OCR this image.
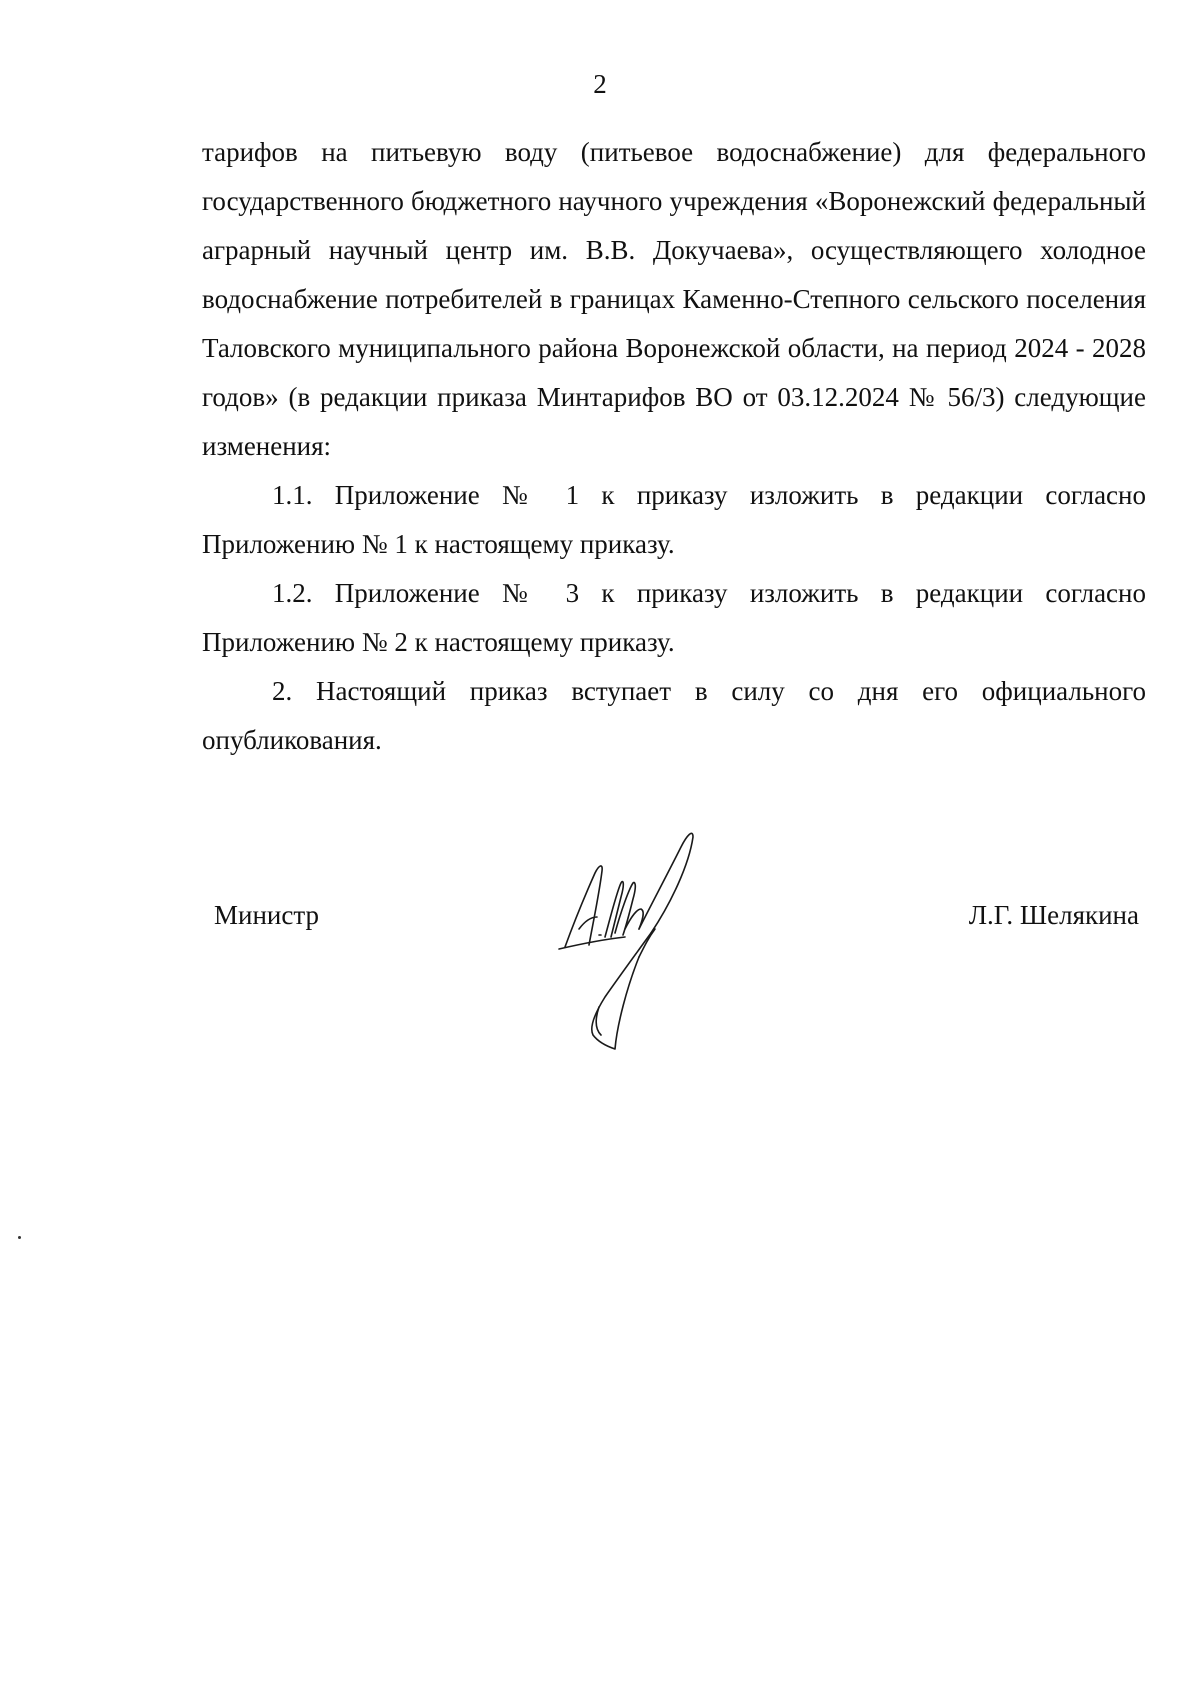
2

тарифов на питьевую воду (питьевое водоснабжение) для федерального государственного бюджетного научного учреждения «Воронежский федеральный аграрный научный центр им. В.В. Докучаева», осуществляющего холодное водоснабжение потребителей в границах Каменно-Степного сельского поселения Таловского муниципального района Воронежской области, на период 2024 - 2028 годов» (в редакции приказа Минтарифов ВО от 03.12.2024 № 56/3) следующие изменения:

1.1. Приложение № 1 к приказу изложить в редакции согласно Приложению № 1 к настоящему приказу.

1.2. Приложение № 3 к приказу изложить в редакции согласно Приложению № 2 к настоящему приказу.

2. Настоящий приказ вступает в силу со дня его официального опубликования.

Министр	Л.Г. Шелякина
